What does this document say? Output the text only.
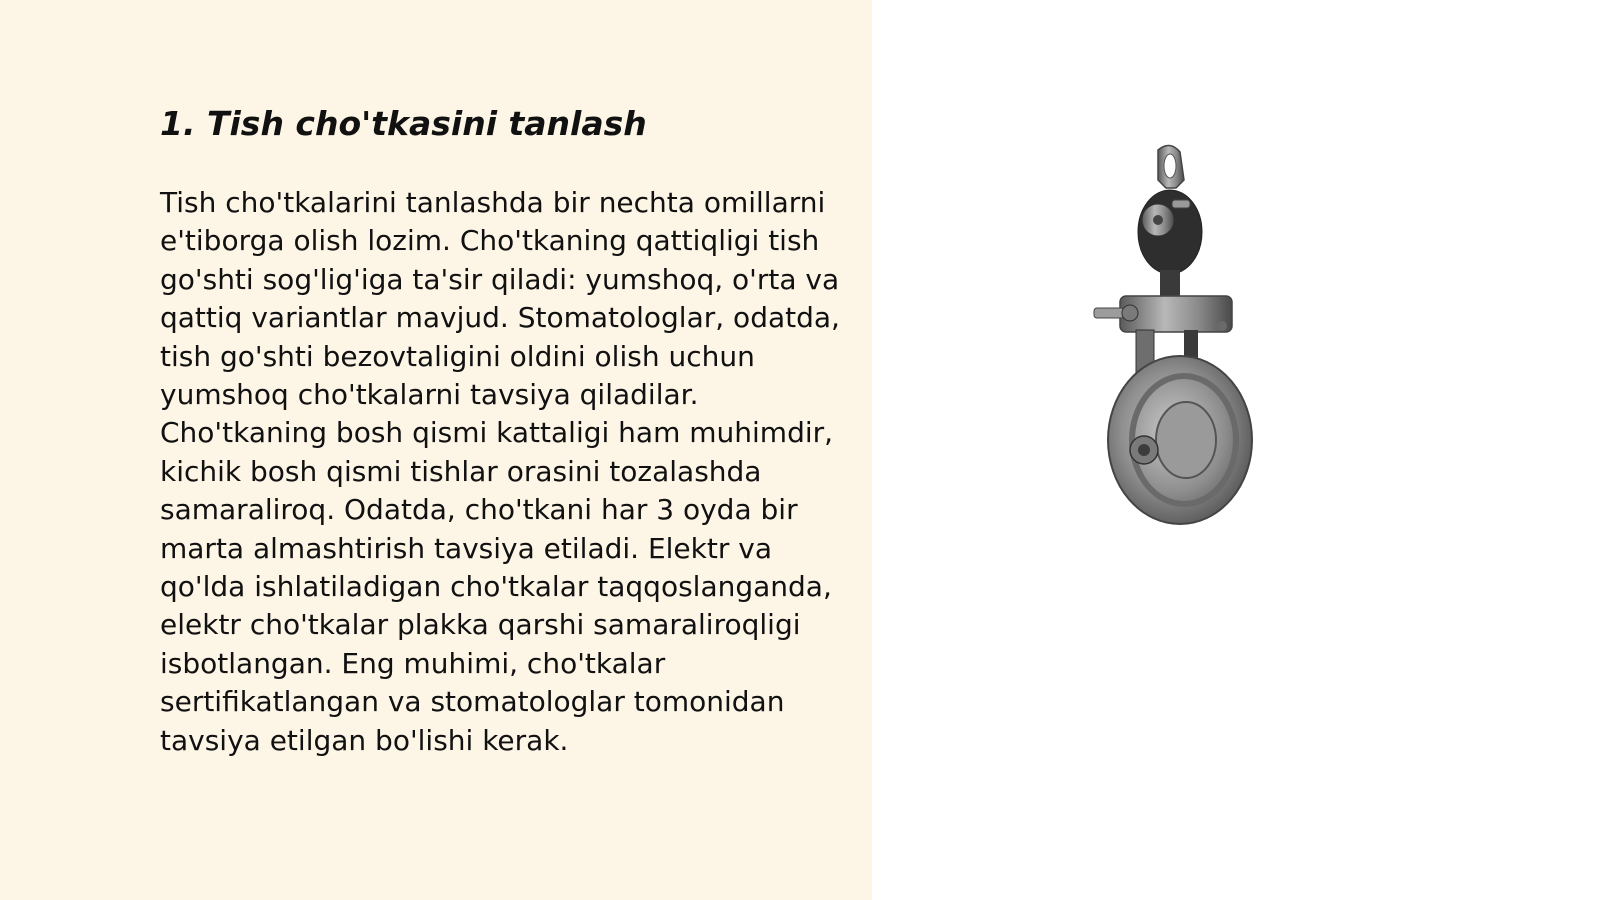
1. Tish cho'tkasini tanlash

Tish cho'tkalarini tanlashda bir nechta omillarni e'tiborga olish lozim. Cho'tkaning qattiqligi tish go'shti sog'lig'iga ta'sir qiladi: yumshoq, o'rta va qattiq variantlar mavjud. Stomatologlar, odatda, tish go'shti bezovtaligini oldini olish uchun yumshoq cho'tkalarni tavsiya qiladilar. Cho'tkaning bosh qismi kattaligi ham muhimdir, kichik bosh qismi tishlar orasini tozalashda samaraliroq. Odatda, cho'tkani har 3 oyda bir marta almashtirish tavsiya etiladi. Elektr va qo'lda ishlatiladigan cho'tkalar taqqoslanganda, elektr cho'tkalar plakka qarshi samaraliroqligi isbotlangan. Eng muhimi, cho'tkalar sertifikatlangan va stomatologlar tomonidan tavsiya etilgan bo'lishi kerak.
